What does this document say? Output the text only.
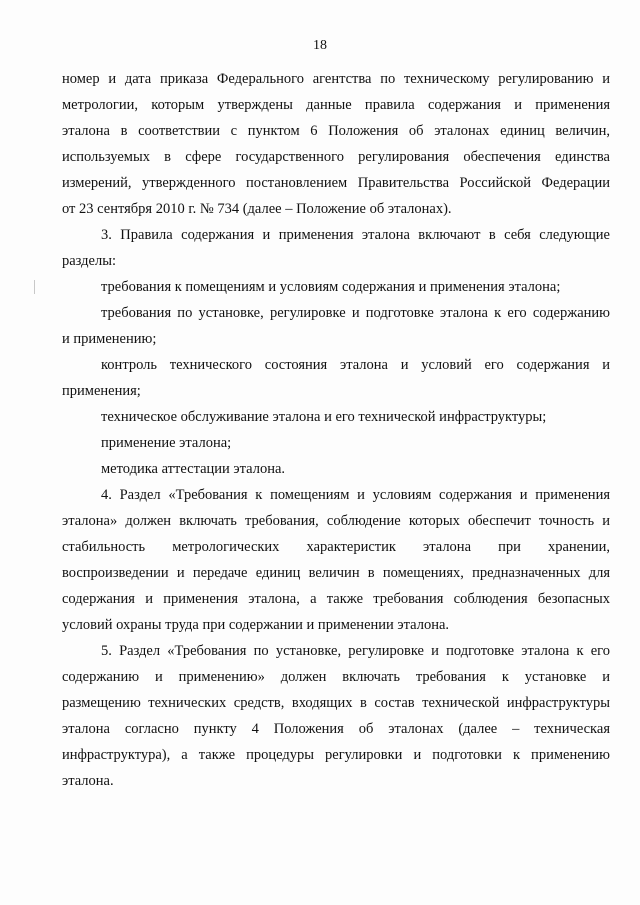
18
номер и дата приказа Федерального агентства по техническому регулированию и
метрологии, которым утверждены данные правила содержания и применения
эталона в соответствии с пунктом 6 Положения об эталонах единиц величин,
используемых в сфере государственного регулирования обеспечения единства
измерений, утвержденного постановлением Правительства Российской Федерации
от 23 сентября 2010 г. № 734 (далее – Положение об эталонах).
3. Правила содержания и применения эталона включают в себя следующие
разделы:
требования к помещениям и условиям содержания и применения эталона;
требования по установке, регулировке и подготовке эталона к его содержанию
и применению;
контроль технического состояния эталона и условий его содержания и
применения;
техническое обслуживание эталона и его технической инфраструктуры;
применение эталона;
методика аттестации эталона.
4. Раздел «Требования к помещениям и условиям содержания и применения
эталона» должен включать требования, соблюдение которых обеспечит точность и
стабильность метрологических характеристик эталона при хранении,
воспроизведении и передаче единиц величин в помещениях, предназначенных для
содержания и применения эталона, а также требования соблюдения безопасных
условий охраны труда при содержании и применении эталона.
5. Раздел «Требования по установке, регулировке и подготовке эталона к его
содержанию и применению» должен включать требования к установке и
размещению технических средств, входящих в состав технической инфраструктуры
эталона согласно пункту 4 Положения об эталонах (далее – техническая
инфраструктура), а также процедуры регулировки и подготовки к применению
эталона.
